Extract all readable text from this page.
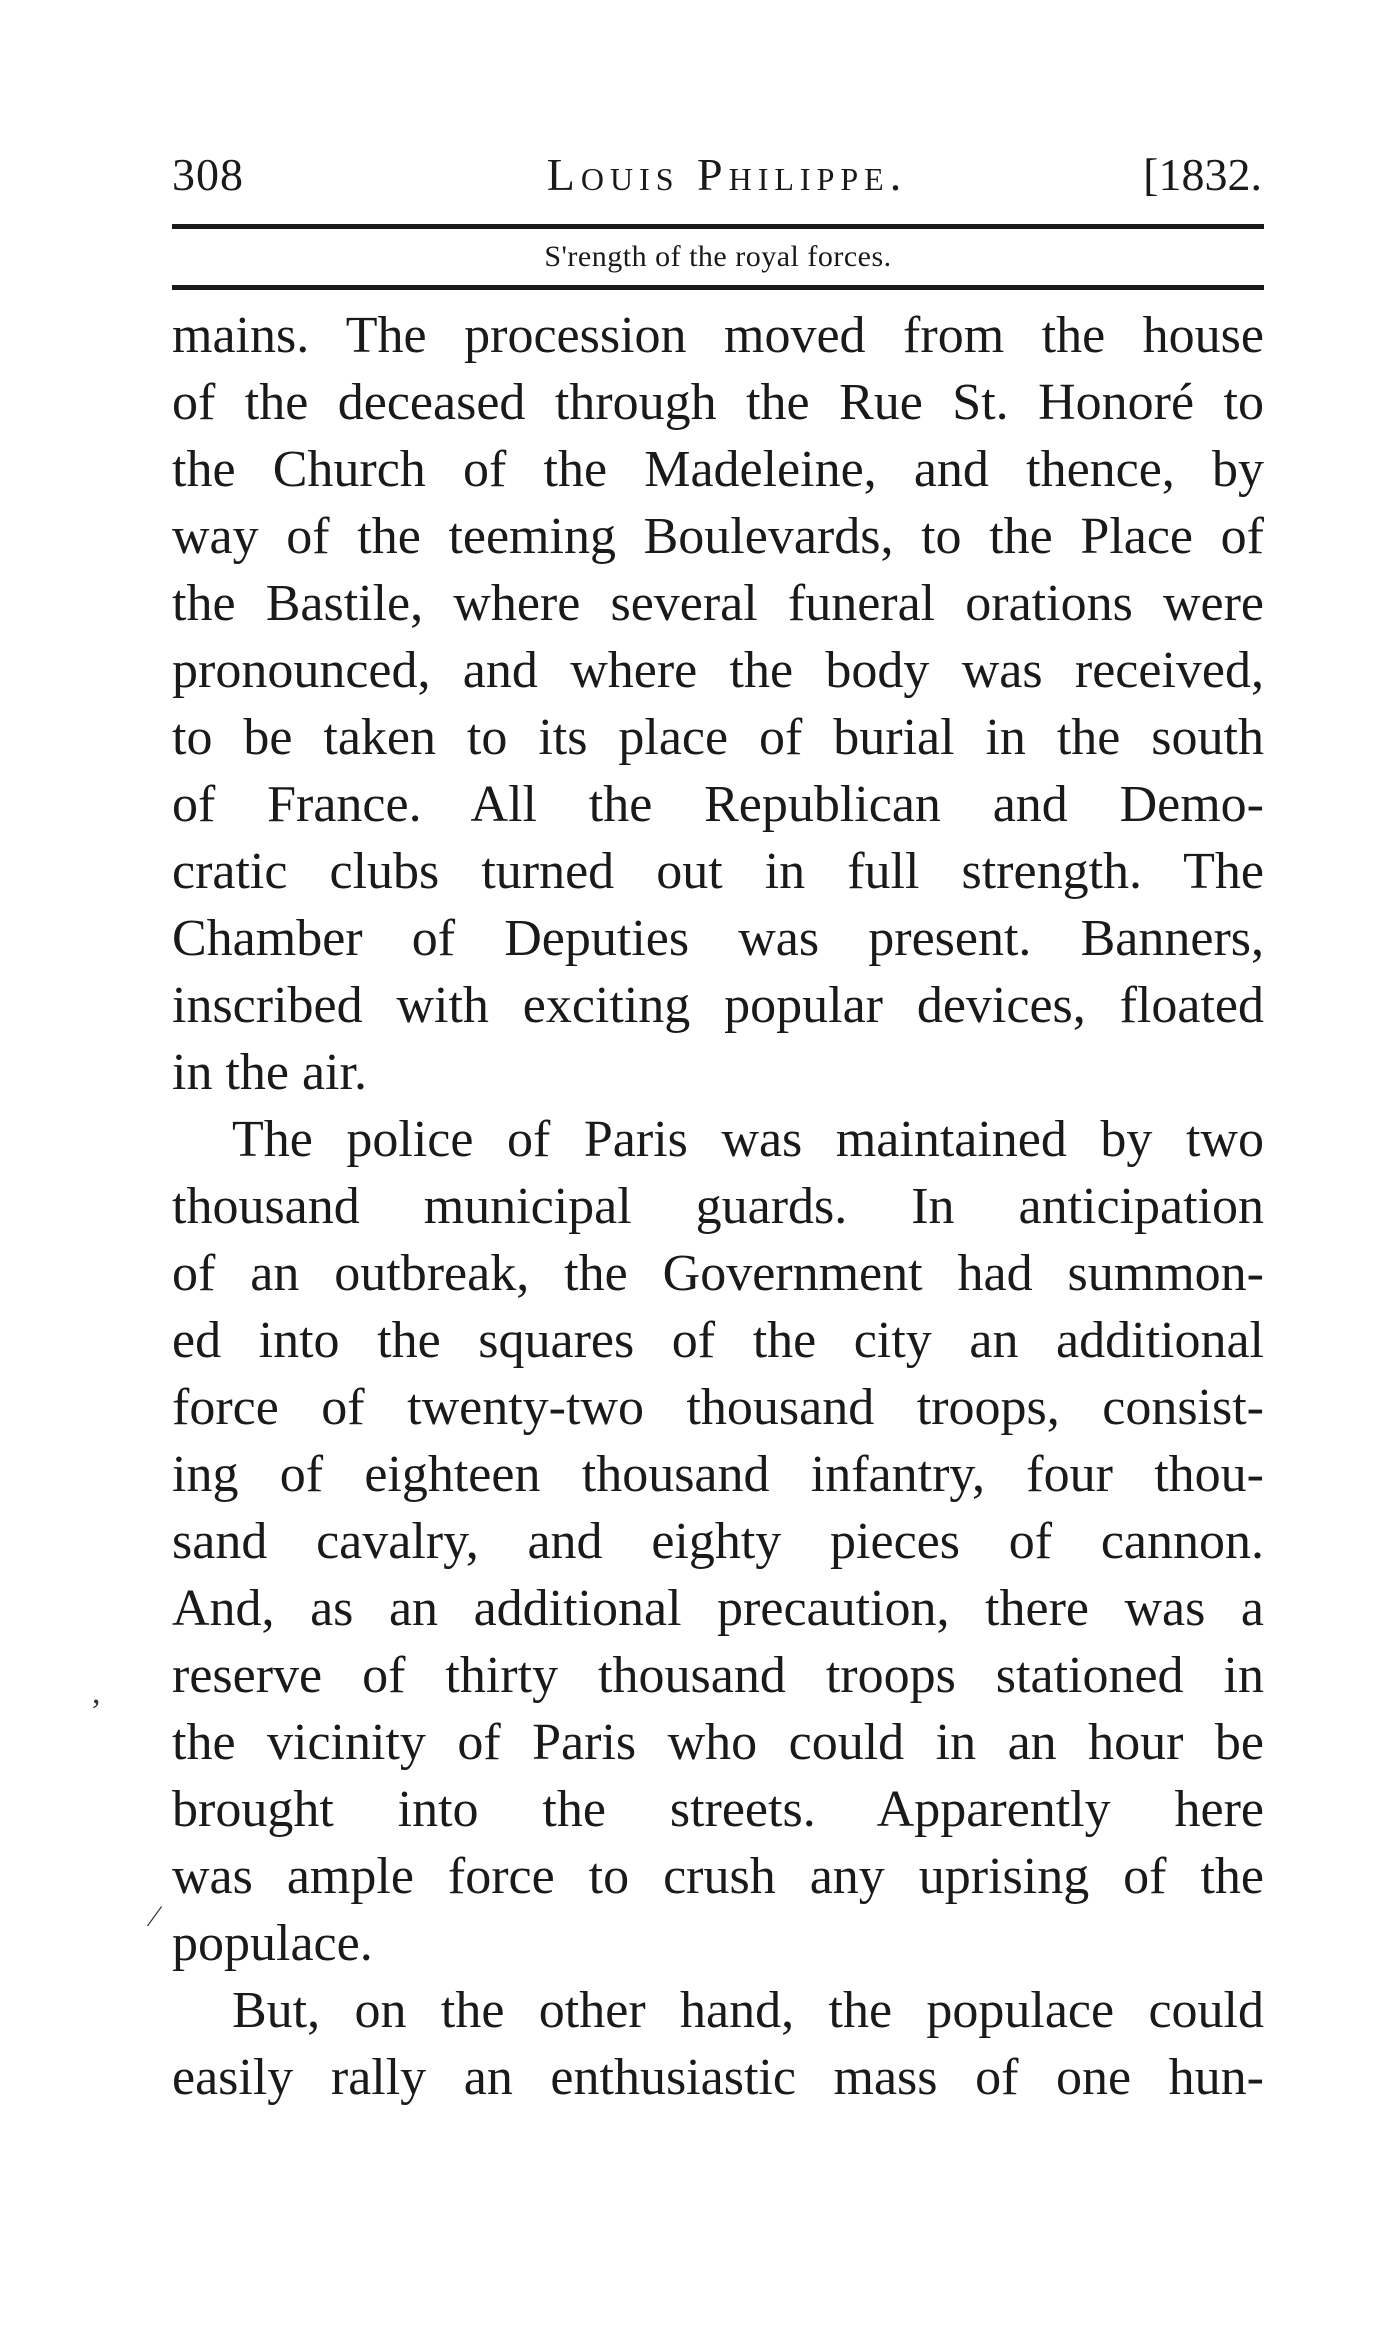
308	Louis Philippe.	[1832.
S'rength of the royal forces.
mains. The procession moved from the house
of the deceased through the Rue St. Honoré to
the Church of the Madeleine, and thence, by
way of the teeming Boulevards, to the Place of
the Bastile, where several funeral orations were
pronounced, and where the body was received,
to be taken to its place of burial in the south
of France. All the Republican and Demo-
cratic clubs turned out in full strength. The
Chamber of Deputies was present. Banners,
inscribed with exciting popular devices, floated
in the air.
The police of Paris was maintained by two
thousand municipal guards. In anticipation
of an outbreak, the Government had summon-
ed into the squares of the city an additional
force of twenty-two thousand troops, consist-
ing of eighteen thousand infantry, four thou-
sand cavalry, and eighty pieces of cannon.
And, as an additional precaution, there was a
reserve of thirty thousand troops stationed in
the vicinity of Paris who could in an hour be
brought into the streets. Apparently here
was ample force to crush any uprising of the
populace.
But, on the other hand, the populace could
easily rally an enthusiastic mass of one hun-
,
⁄
